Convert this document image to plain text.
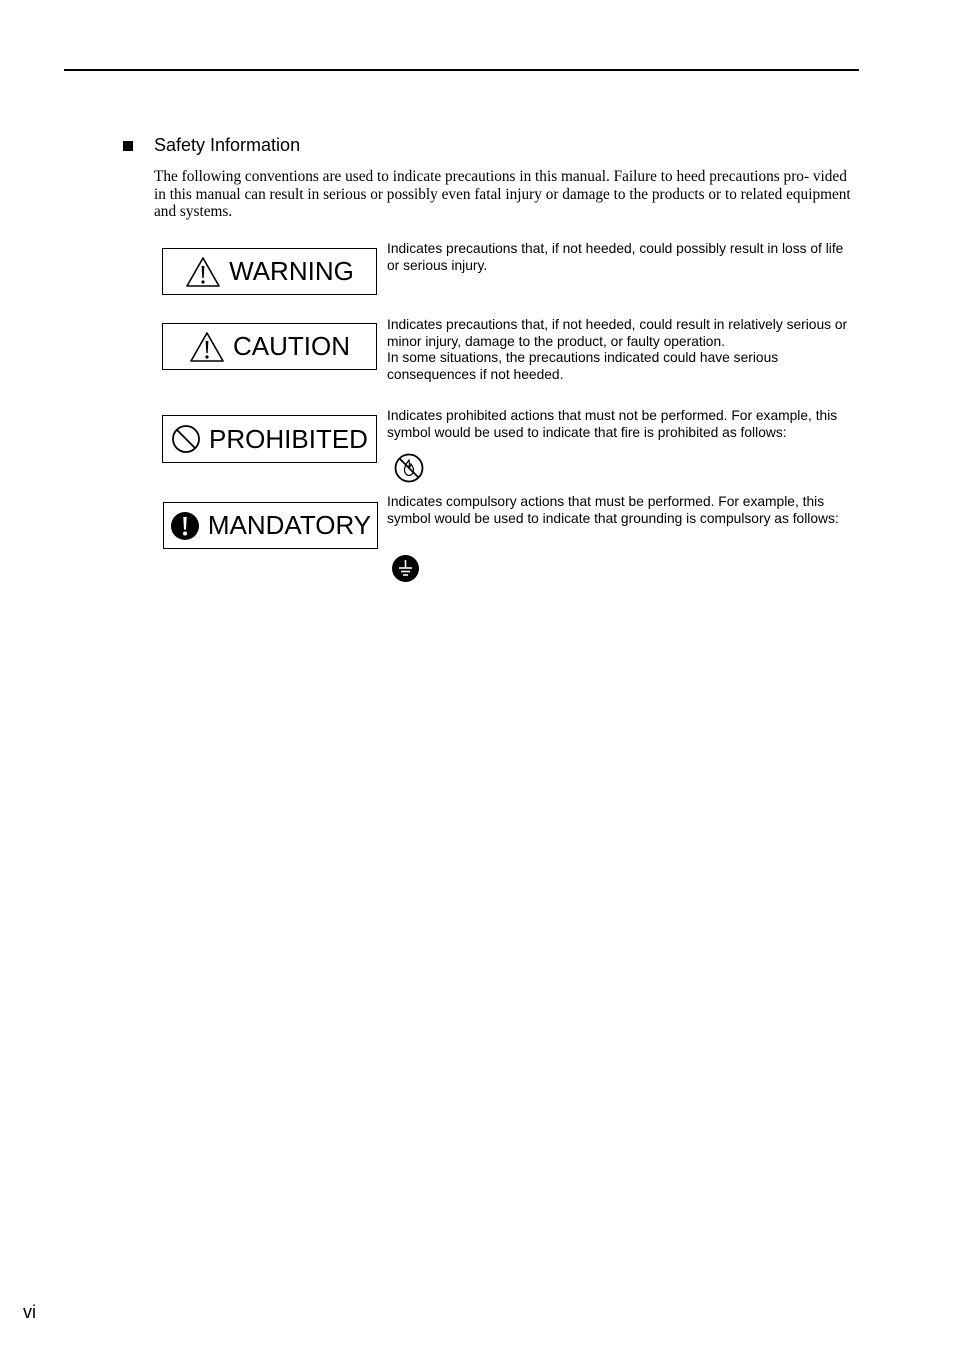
Safety Information
The following conventions are used to indicate precautions in this manual. Failure to heed precautions pro- vided in this manual can result in serious or possibly even fatal injury or damage to the products or to related equipment and systems.
WARNING

Indicates precautions that, if not heeded, could possibly result in loss of life or serious injury.

CAUTION

Indicates precautions that, if not heeded, could result in relatively serious or minor injury, damage to the product, or faulty operation.

In some situations, the precautions indicated could have serious consequences if not heeded.

PROHIBITED

Indicates prohibited actions that must not be performed. For example, this symbol would be used to indicate that fire is prohibited as follows:

MANDATORY

Indicates compulsory actions that must be performed. For example, this symbol would be used to indicate that grounding is compulsory as follows:

vi
